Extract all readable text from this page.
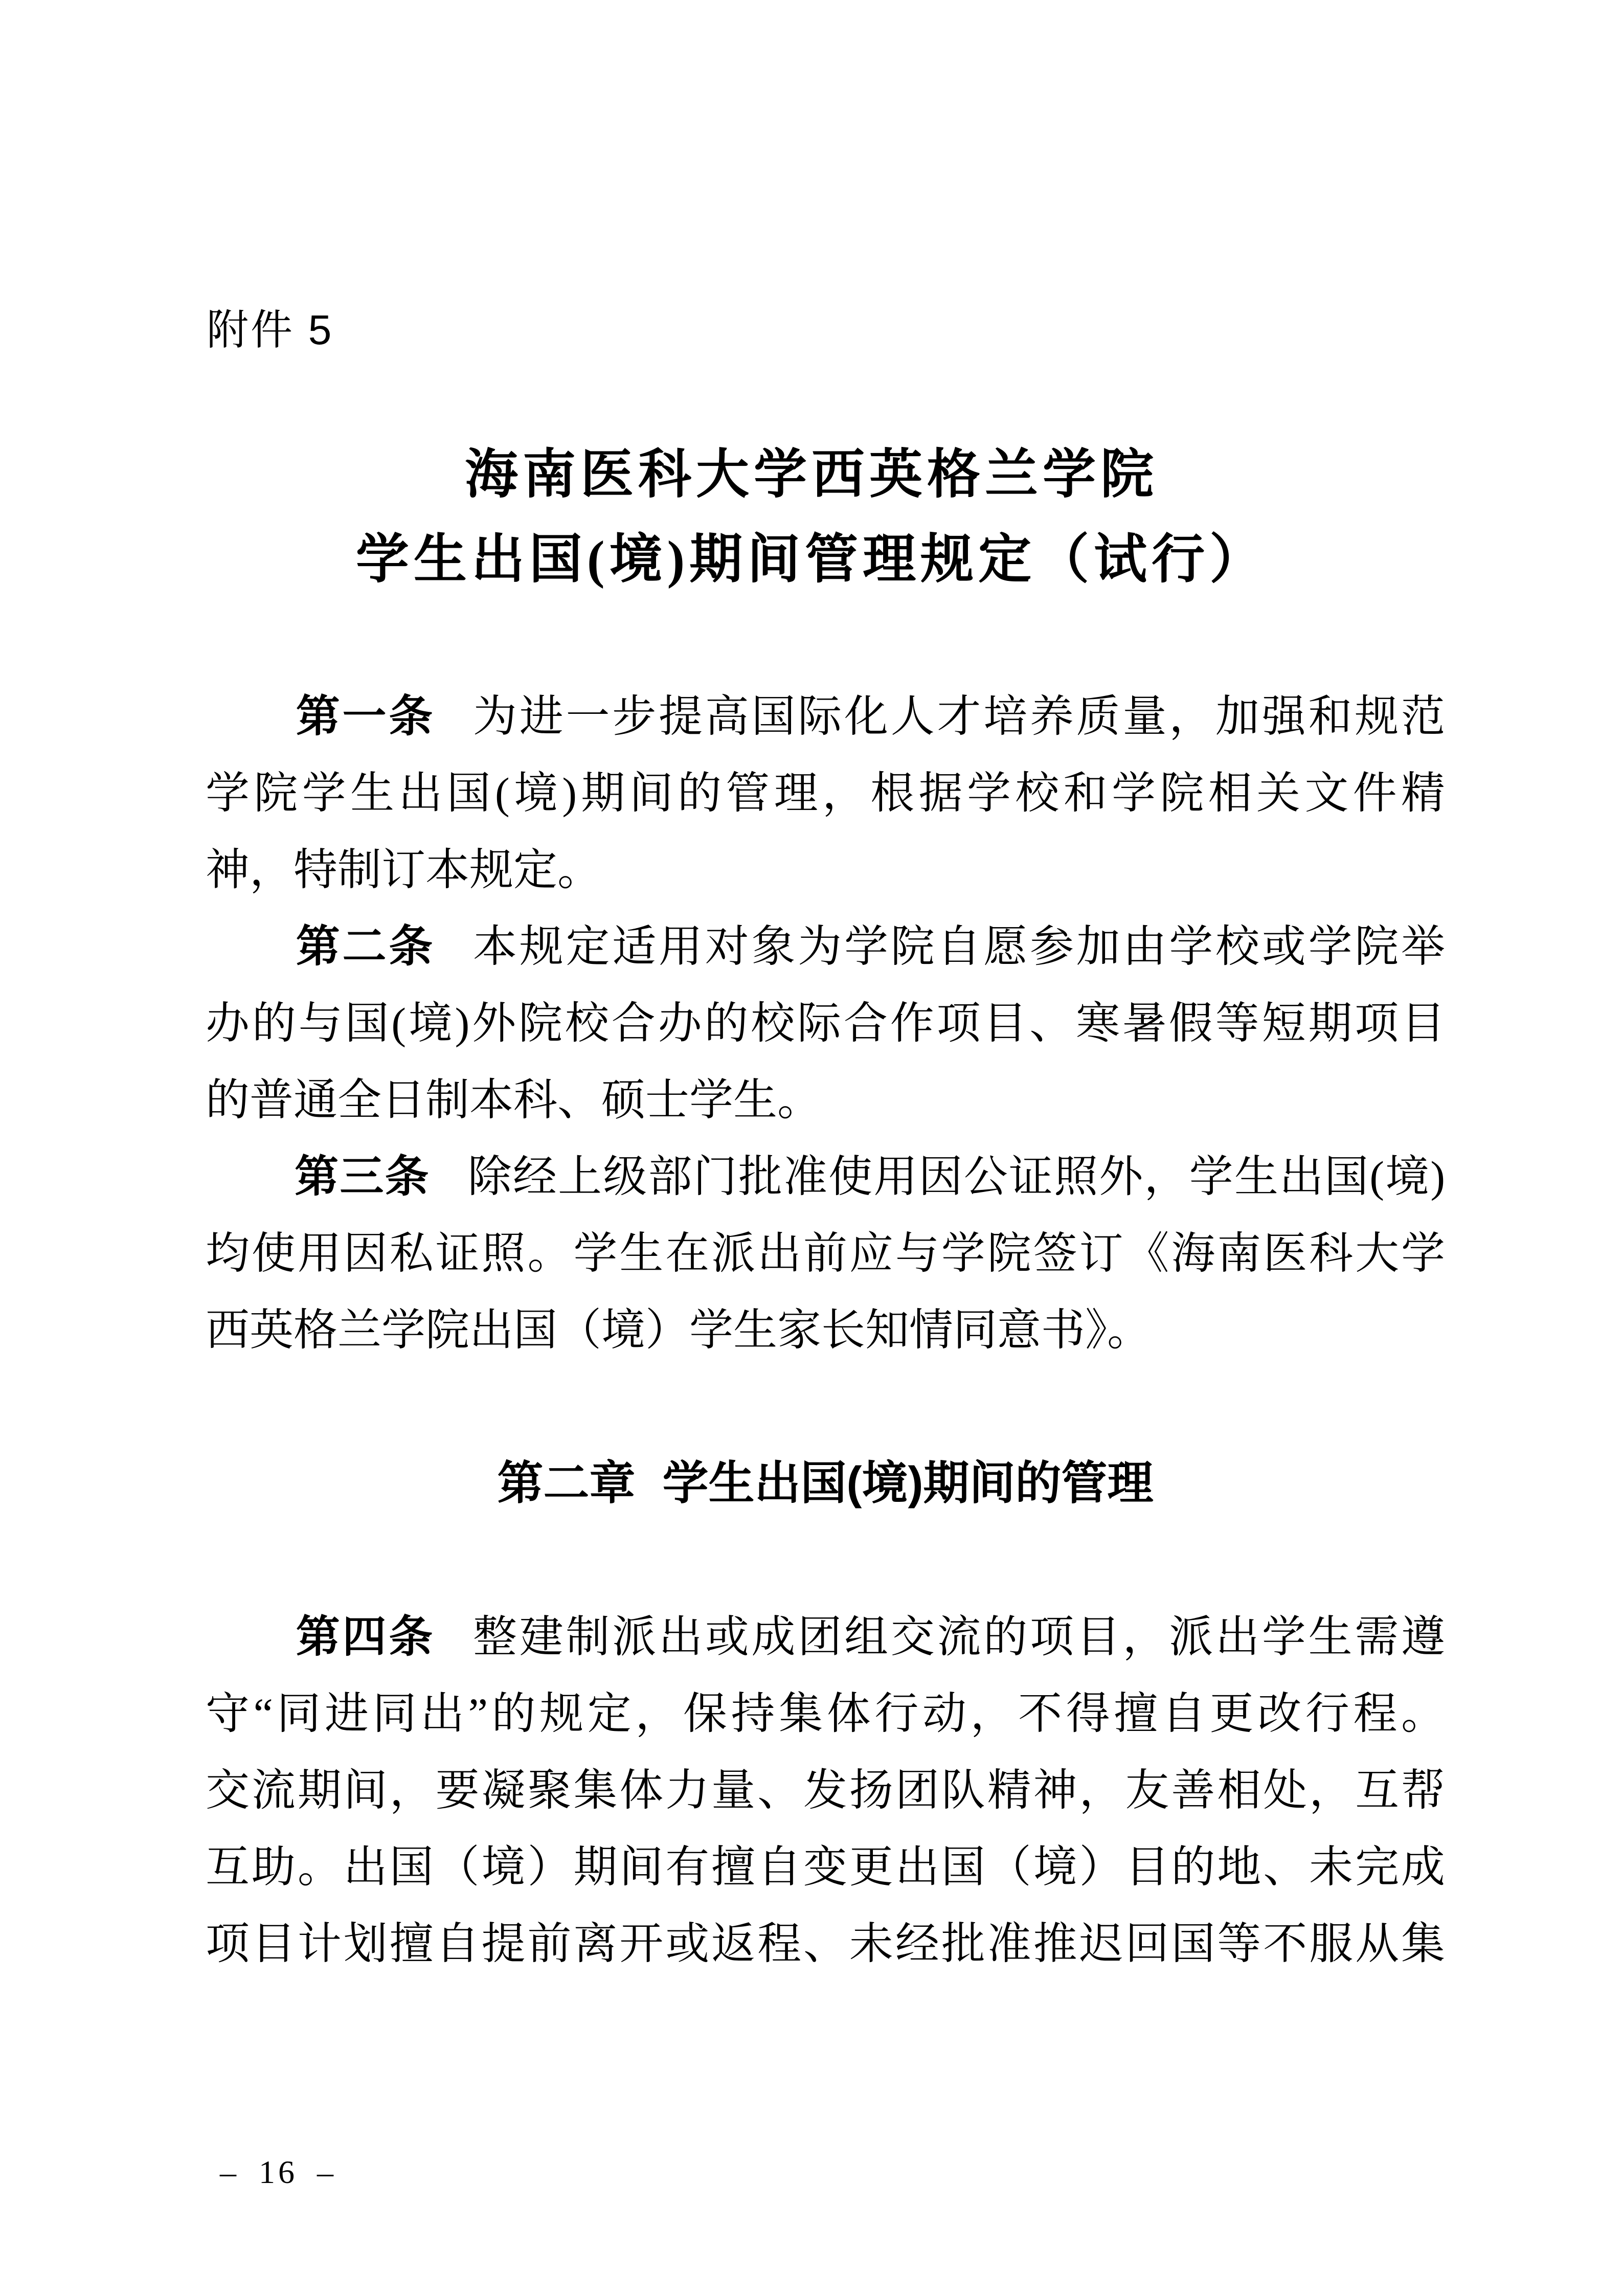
附件 5
海南医科大学西英格兰学院
学生出国(境)期间管理规定（试行）
第一条 为进一步提高国际化人才培养质量，加强和规范
学院学生出国(境)期间的管理，根据学校和学院相关文件精
神，特制订本规定。
第二条 本规定适用对象为学院自愿参加由学校或学院举
办的与国(境)外院校合办的校际合作项目、寒暑假等短期项目
的普通全日制本科、硕士学生。
第三条 除经上级部门批准使用因公证照外，学生出国(境)
均使用因私证照。学生在派出前应与学院签订《海南医科大学
西英格兰学院出国（境）学生家长知情同意书》。
第二章 学生出国(境)期间的管理
第四条 整建制派出或成团组交流的项目，派出学生需遵
守“同进同出”的规定，保持集体行动，不得擅自更改行程。
交流期间，要凝聚集体力量、发扬团队精神，友善相处，互帮
互助。出国（境）期间有擅自变更出国（境）目的地、未完成
项目计划擅自提前离开或返程、未经批准推迟回国等不服从集
– 16 –
